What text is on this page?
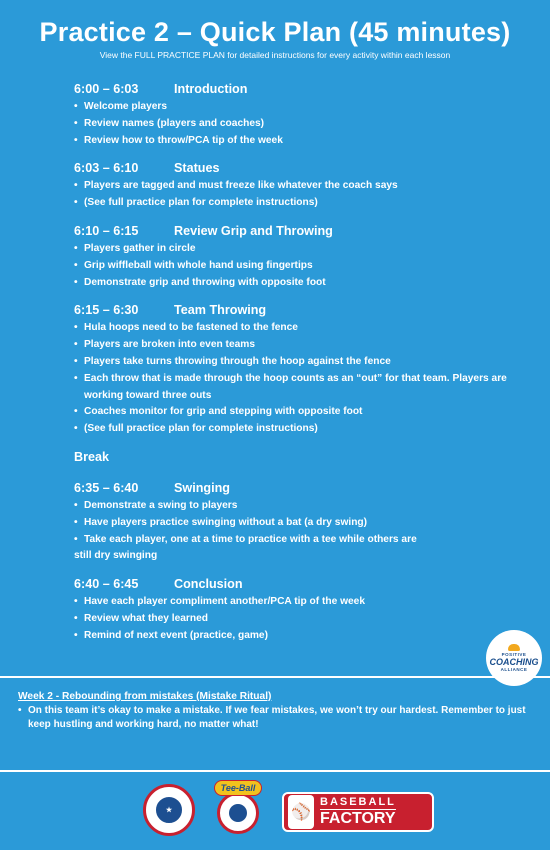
Practice 2 – Quick Plan (45 minutes)
View the FULL PRACTICE PLAN for detailed instructions for every activity within each lesson
6:00 – 6:03	Introduction
• Welcome players
• Review names (players and coaches)
• Review how to throw/PCA tip of the week
6:03 – 6:10	Statues
• Players are tagged and must freeze like whatever the coach says
• (See full practice plan for complete instructions)
6:10 – 6:15	Review Grip and Throwing
• Players gather in circle
• Grip wiffleball with whole hand using fingertips
• Demonstrate grip and throwing with opposite foot
6:15 – 6:30	Team Throwing
• Hula hoops need to be fastened to the fence
• Players are broken into even teams
• Players take turns throwing through the hoop against the fence
• Each throw that is made through the hoop counts as an “out” for that team. Players are working toward three outs
• Coaches monitor for grip and stepping with opposite foot
• (See full practice plan for complete instructions)
Break
6:35 – 6:40	Swinging
• Demonstrate a swing to players
• Have players practice swinging without a bat (a dry swing)
• Take each player, one at a time to practice with a tee while others are
still dry swinging
6:40 – 6:45	Conclusion
• Have each player compliment another/PCA tip of the week
• Review what they learned
• Remind of next event (practice, game)
POSITIVE
COACHING
ALLIANCE
Week 2 - Rebounding from mistakes (Mistake Ritual)
• On this team it’s okay to make a mistake. If we fear mistakes, we won’t try our hardest. Remember to just keep hustling and working hard, no matter what!
★
Tee-Ball
⚾
BASEBALL
FACTORY
